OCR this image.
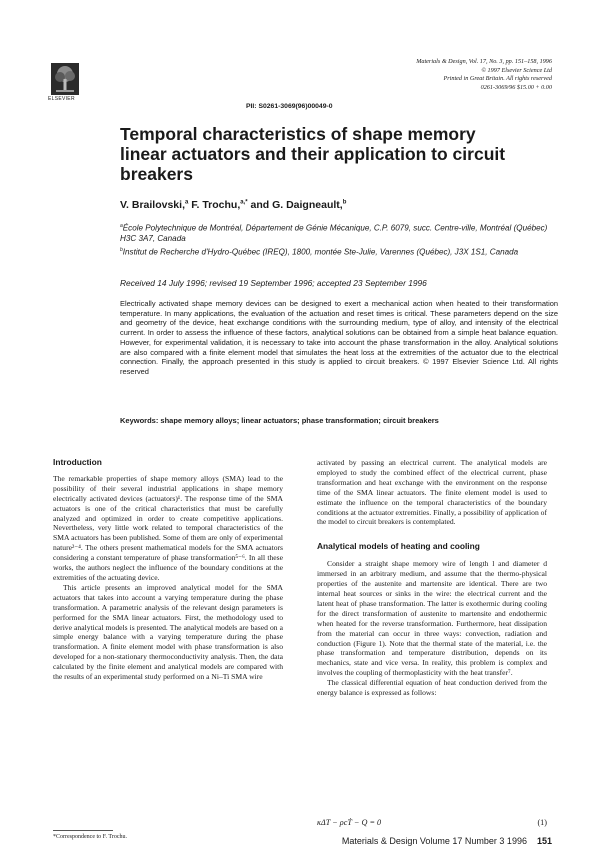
ELSEVIER
Materials & Design, Vol. 17, No. 3, pp. 151–158, 1996
© 1997 Elsevier Science Ltd
Printed in Great Britain. All rights reserved
0261-3069/96 $15.00 + 0.00
PII: S0261-3069(96)00049-0
Temporal characteristics of shape memory linear actuators and their application to circuit breakers
V. Brailovski,$^a$ F. Trochu,$^{a,*}$ and G. Daigneault,$^b$
$^a$École Polytechnique de Montréal, Département de Génie Mécanique, C.P. 6079, succ. Centre-ville, Montréal (Québec) H3C 3A7, Canada
$^b$Institut de Recherche d'Hydro-Québec (IREQ), 1800, montée Ste-Julie, Varennes (Québec), J3X 1S1, Canada
Received 14 July 1996; revised 19 September 1996; accepted 23 September 1996
Electrically activated shape memory devices can be designed to exert a mechanical action when heated to their transformation temperature. In many applications, the evaluation of the actuation and reset times is critical. These parameters depend on the size and geometry of the device, heat exchange conditions with the surrounding medium, type of alloy, and intensity of the electrical current. In order to assess the influence of these factors, analytical solutions can be obtained from a simple heat balance equation. However, for experimental validation, it is necessary to take into account the phase transformation in the alloy. Analytical solutions are also compared with a finite element model that simulates the heat loss at the extremities of the actuator due to the electrical connection. Finally, the approach presented in this study is applied to circuit breakers. © 1997 Elsevier Science Ltd. All rights reserved
Keywords: shape memory alloys; linear actuators; phase transformation; circuit breakers
Introduction

The remarkable properties of shape memory alloys (SMA) lead to the possibility of their several industrial applications in shape memory electrically activated devices (actuators)¹. The response time of the SMA actuators is one of the critical characteristics that must be carefully analyzed and optimized in order to create competitive applications. Nevertheless, very little work related to temporal characteristics of the SMA actuators has been published. Some of them are only of experimental nature²⁻⁴. The others present mathematical models for the SMA actuators considering a constant temperature of phase transformation⁵⁻⁶. In all these works, the authors neglect the influence of the boundary conditions at the extremities of the actuating device.

This article presents an improved analytical model for the SMA actuators that takes into account a varying temperature during the phase transformation. A parametric analysis of the relevant design parameters is performed for the SMA linear actuators. First, the methodology used to derive analytical models is presented. The analytical models are based on a simple energy balance with a varying temperature during the phase transformation. A finite element model with phase transformation is also developed for a non-stationary thermoconductivity analysis. Then, the data calculated by the finite element and analytical models are compared with the results of an experimental study performed on a Ni–Ti SMA wire

activated by passing an electrical current. The analytical models are employed to study the combined effect of the electrical current, phase transformation and heat exchange with the environment on the response time of the SMA linear actuators. The finite element model is used to estimate the influence on the temporal characteristics of the boundary conditions at the actuator extremities. Finally, a possibility of application of the model to circuit breakers is contemplated.

Analytical models of heating and cooling

Consider a straight shape memory wire of length l and diameter d immersed in an arbitrary medium, and assume that the thermo-physical properties of the austenite and martensite are identical. There are two internal heat sources or sinks in the wire: the electrical current and the latent heat of phase transformation. The latter is exothermic during cooling for the direct transformation of austenite to martensite and endothermic when heated for the reverse transformation. Furthermore, heat dissipation from the material can occur in three ways: convection, radiation and conduction (Figure 1). Note that the thermal state of the material, i.e. the phase transformation and temperature distribution, depends on its mechanics, state and vice versa. In reality, this problem is complex and involves the coupling of thermoplasticity with the heat transfer⁷.

The classical differential equation of heat conduction derived from the energy balance is expressed as follows:

κΔT − ρcṪ − Q = 0	(1)
*Correspondence to F. Trochu.	Materials & Design Volume 17 Number 3 1996 151
